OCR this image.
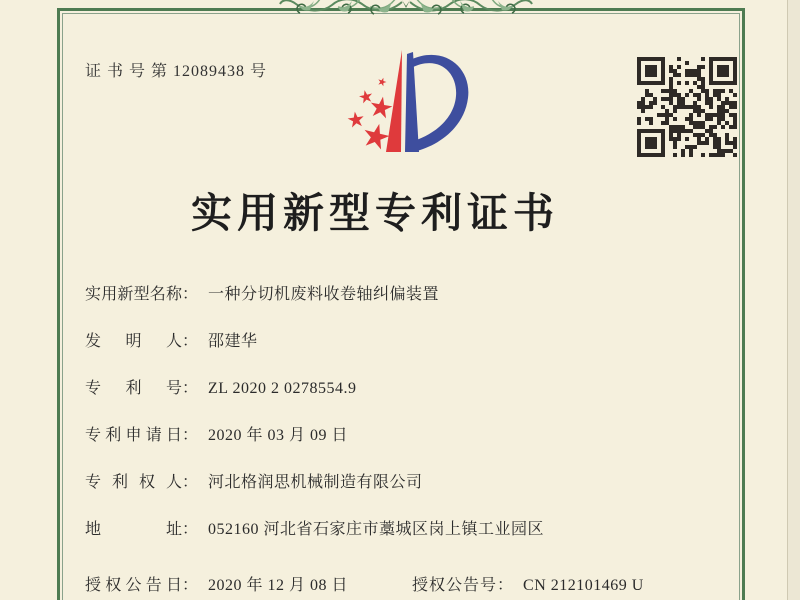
证 书 号 第 12089438 号
实用新型专利证书
实用新型名称 ： 一种分切机废料收卷轴纠偏装置
发明人 ： 邵建华
专利号 ： ZL 2020 2 0278554.9
专利申请日 ： 2020 年 03 月 09 日
专利权人 ： 河北格润思机械制造有限公司
地址 ： 052160 河北省石家庄市藁城区岗上镇工业园区
授权公告日 ： 2020 年 12 月 08 日	授权公告号 ： CN 212101469 U
